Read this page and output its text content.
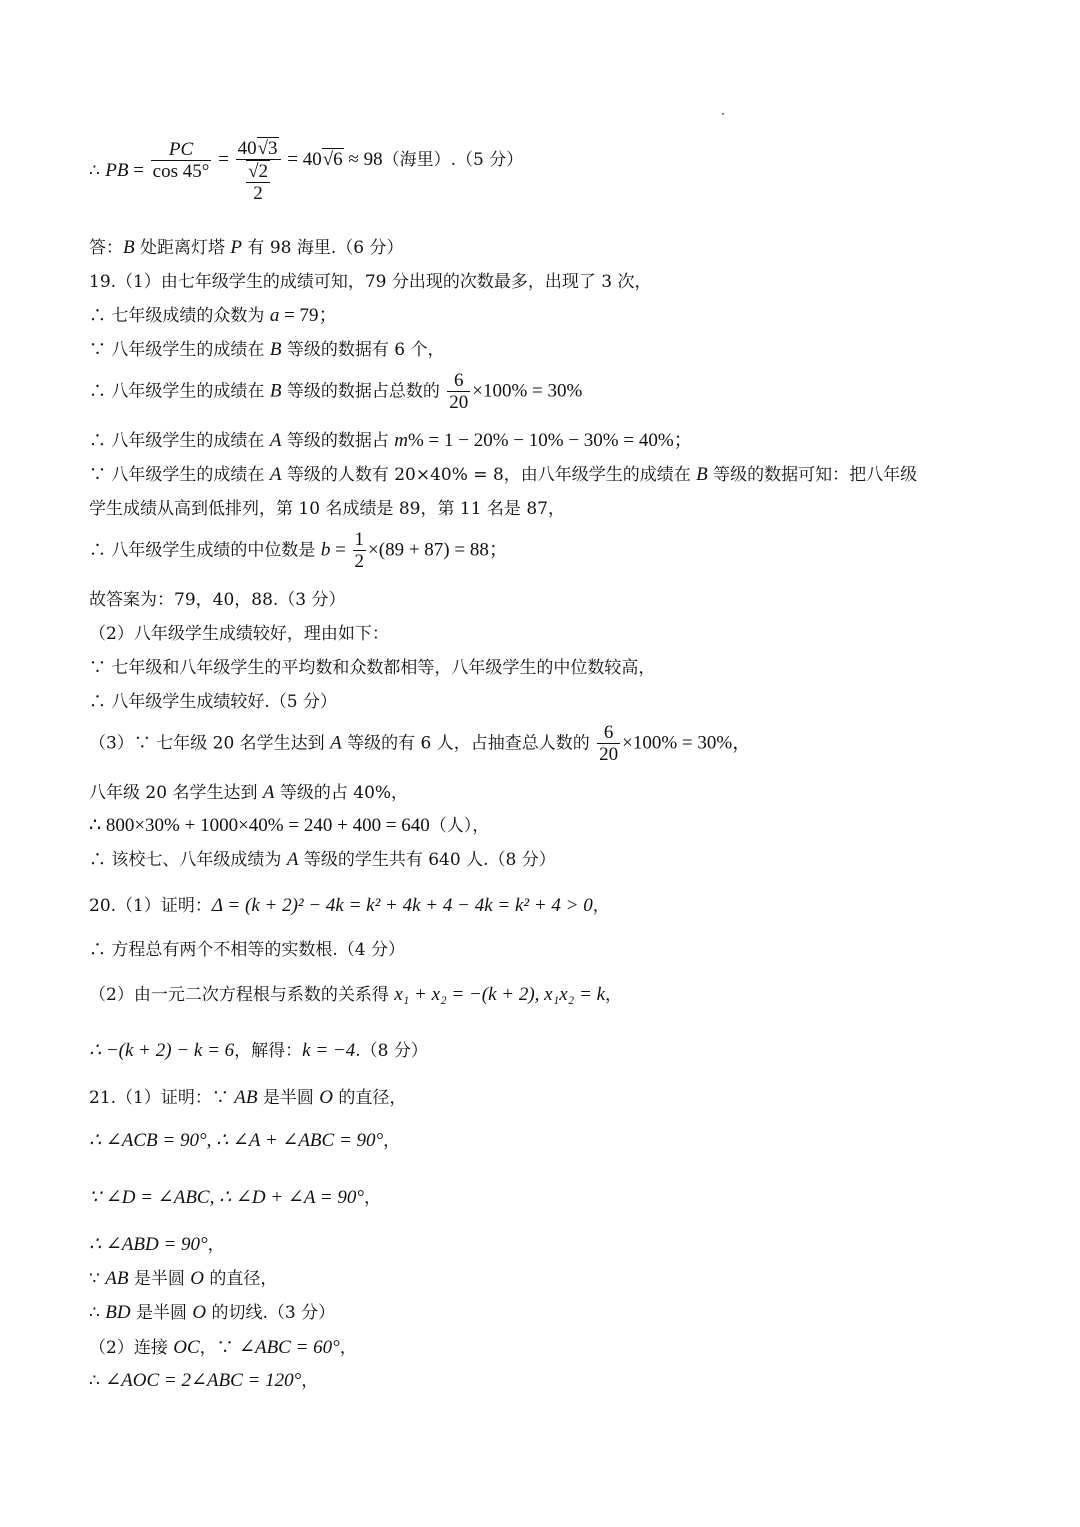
∴ PB = $\frac{PC}{\cos 45^\circ} = \frac{40√3}{\frac{√2}{2}} = 40√6 \approx 98$（海里）.（5 分）
答：B 处距离灯塔 P 有 98 海里.（6 分）
19.（1）由七年级学生的成绩可知，79 分出现的次数最多，出现了 3 次，
∴ 七年级成绩的众数为 a = 79；
∵ 八年级学生的成绩在 B 等级的数据有 6 个，
∴ 八年级学生的成绩在 B 等级的数据占总数的 $\frac{6}{20} \times 100\% = 30\%$
∴ 八年级学生的成绩在 A 等级的数据占 m% = 1 − 20% − 10% − 30% = 40%；
∵ 八年级学生的成绩在 A 等级的人数有 20×40% = 8，由八年级学生的成绩在 B 等级的数据可知：把八年级
学生成绩从高到低排列，第 10 名成绩是 89，第 11 名是 87，
∴ 八年级学生成绩的中位数是 $b = \frac{1}{2} \times(89 + 87) = 88$；
故答案为：79，40，88.（3 分）
（2）八年级学生成绩较好，理由如下：
∵ 七年级和八年级学生的平均数和众数都相等，八年级学生的中位数较高，
∴ 八年级学生成绩较好.（5 分）
（3）∵ 七年级 20 名学生达到 A 等级的有 6 人，占抽查总人数的 $\frac{6}{20} \times 100\% = 30\%$，
八年级 20 名学生达到 A 等级的占 40%，
∴ 800×30% + 1000×40% = 240 + 400 = 640（人），
∴ 该校七、八年级成绩为 A 等级的学生共有 640 人.（8 分）
20.（1）证明：Δ = (k + 2)² − 4k = k² + 4k + 4 − 4k = k² + 4 > 0，
∴ 方程总有两个不相等的实数根.（4 分）
（2）由一元二次方程根与系数的关系得 x₁ + x₂ = −(k + 2), x₁x₂ = k，
∴ −(k + 2) − k = 6，解得：k = −4.（8 分）
21.（1）证明：∵ AB 是半圆 O 的直径，
∴ ∠ACB = 90°, ∴ ∠A + ∠ABC = 90°，
∵ ∠D = ∠ABC, ∴ ∠D + ∠A = 90°，
∴ ∠ABD = 90°，
∵ AB 是半圆 O 的直径，
∴ BD 是半圆 O 的切线.（3 分）
（2）连接 OC，∵ ∠ABC = 60°，
∴ ∠AOC = 2∠ABC = 120°，
